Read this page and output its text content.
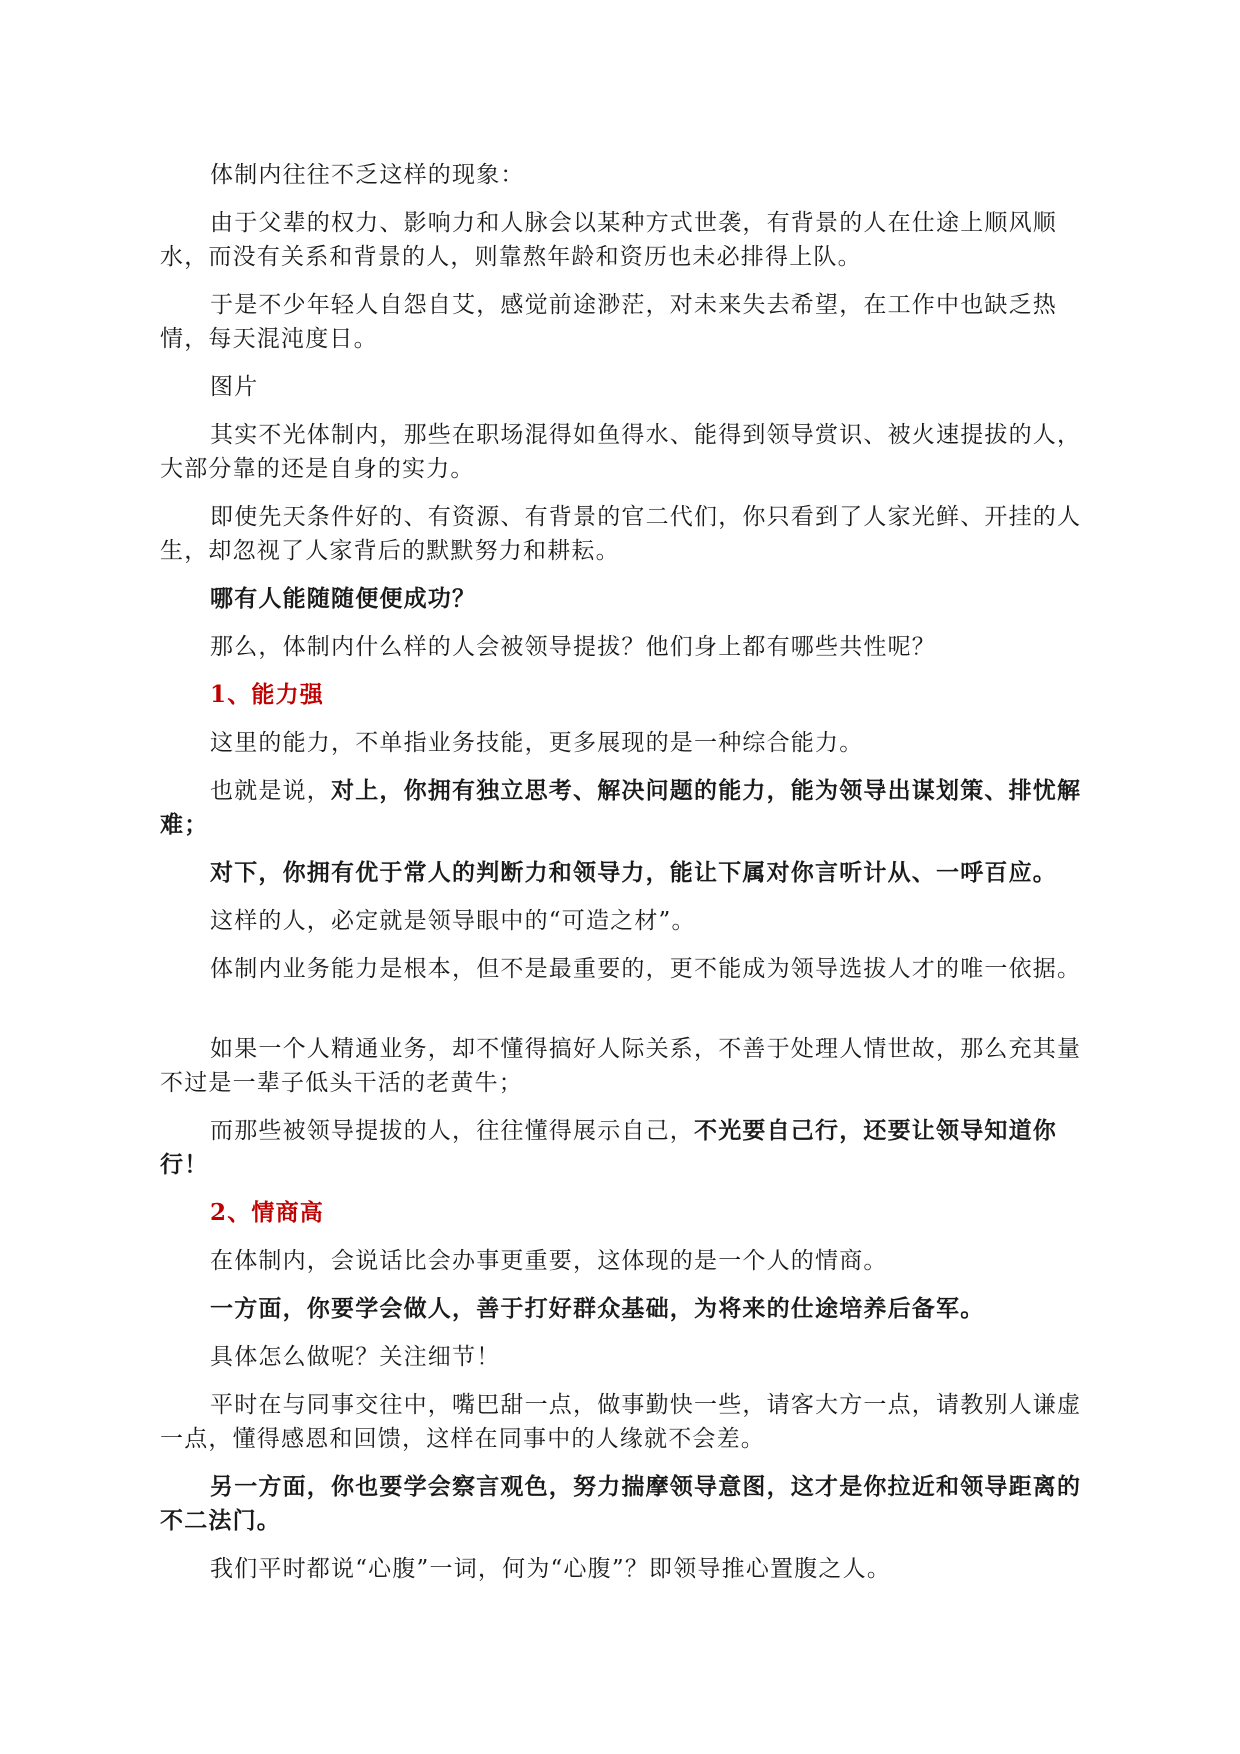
体制内往往不乏这样的现象：

由于父辈的权力、影响力和人脉会以某种方式世袭，有背景的人在仕途上顺风顺水，而没有关系和背景的人，则靠熬年龄和资历也未必排得上队。

于是不少年轻人自怨自艾，感觉前途渺茫，对未来失去希望，在工作中也缺乏热情，每天混沌度日。

图片

其实不光体制内，那些在职场混得如鱼得水、能得到领导赏识、被火速提拔的人，大部分靠的还是自身的实力。

即使先天条件好的、有资源、有背景的官二代们，你只看到了人家光鲜、开挂的人生，却忽视了人家背后的默默努力和耕耘。

哪有人能随随便便成功？

那么，体制内什么样的人会被领导提拔？他们身上都有哪些共性呢？

1、能力强

这里的能力，不单指业务技能，更多展现的是一种综合能力。

也就是说，对上，你拥有独立思考、解决问题的能力，能为领导出谋划策、排忧解难；

对下，你拥有优于常人的判断力和领导力，能让下属对你言听计从、一呼百应。

这样的人，必定就是领导眼中的“可造之材”。

体制内业务能力是根本，但不是最重要的，更不能成为领导选拔人才的唯一依据。

如果一个人精通业务，却不懂得搞好人际关系，不善于处理人情世故，那么充其量不过是一辈子低头干活的老黄牛；

而那些被领导提拔的人，往往懂得展示自己，不光要自己行，还要让领导知道你行！

2、情商高

在体制内，会说话比会办事更重要，这体现的是一个人的情商。

一方面，你要学会做人，善于打好群众基础，为将来的仕途培养后备军。

具体怎么做呢？关注细节！

平时在与同事交往中，嘴巴甜一点，做事勤快一些，请客大方一点，请教别人谦虚一点，懂得感恩和回馈，这样在同事中的人缘就不会差。

另一方面，你也要学会察言观色，努力揣摩领导意图，这才是你拉近和领导距离的不二法门。

我们平时都说“心腹”一词，何为“心腹”？即领导推心置腹之人。
